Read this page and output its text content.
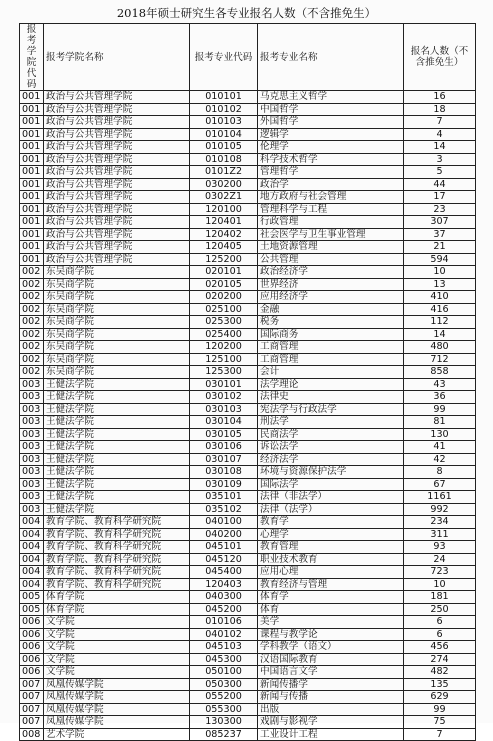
2018年硕士研究生各专业报名人数（不含推免生）
报考学院代码	报考学院名称	报考专业代码	报考专业名称	报名人数（不含推免生）
001	政治与公共管理学院	010101	马克思主义哲学	16
001	政治与公共管理学院	010102	中国哲学	18
001	政治与公共管理学院	010103	外国哲学	7
001	政治与公共管理学院	010104	逻辑学	4
001	政治与公共管理学院	010105	伦理学	14
001	政治与公共管理学院	010108	科学技术哲学	3
001	政治与公共管理学院	0101Z2	管理哲学	5
001	政治与公共管理学院	030200	政治学	44
001	政治与公共管理学院	0302Z1	地方政府与社会管理	17
001	政治与公共管理学院	120100	管理科学与工程	23
001	政治与公共管理学院	120401	行政管理	307
001	政治与公共管理学院	120402	社会医学与卫生事业管理	37
001	政治与公共管理学院	120405	土地资源管理	21
001	政治与公共管理学院	125200	公共管理	594
002	东吴商学院	020101	政治经济学	10
002	东吴商学院	020105	世界经济	13
002	东吴商学院	020200	应用经济学	410
002	东吴商学院	025100	金融	416
002	东吴商学院	025300	税务	112
002	东吴商学院	025400	国际商务	14
002	东吴商学院	120200	工商管理	480
002	东吴商学院	125100	工商管理	712
002	东吴商学院	125300	会计	858
003	王健法学院	030101	法学理论	43
003	王健法学院	030102	法律史	36
003	王健法学院	030103	宪法学与行政法学	99
003	王健法学院	030104	刑法学	81
003	王健法学院	030105	民商法学	130
003	王健法学院	030106	诉讼法学	41
003	王健法学院	030107	经济法学	42
003	王健法学院	030108	环境与资源保护法学	8
003	王健法学院	030109	国际法学	67
003	王健法学院	035101	法律（非法学）	1161
003	王健法学院	035102	法律（法学）	992
004	教育学院、教育科学研究院	040100	教育学	234
004	教育学院、教育科学研究院	040200	心理学	311
004	教育学院、教育科学研究院	045101	教育管理	93
004	教育学院、教育科学研究院	045120	职业技术教育	24
004	教育学院、教育科学研究院	045400	应用心理	723
004	教育学院、教育科学研究院	120403	教育经济与管理	10
005	体育学院	040300	体育学	181
005	体育学院	045200	体育	250
006	文学院	010106	美学	6
006	文学院	040102	课程与教学论	6
006	文学院	045103	学科教学（语文）	456
006	文学院	045300	汉语国际教育	274
006	文学院	050100	中国语言文学	482
007	凤凰传媒学院	050300	新闻传播学	135
007	凤凰传媒学院	055200	新闻与传播	629
007	凤凰传媒学院	055300	出版	99
007	凤凰传媒学院	130300	戏剧与影视学	75
008	艺术学院	085237	工业设计工程	7
